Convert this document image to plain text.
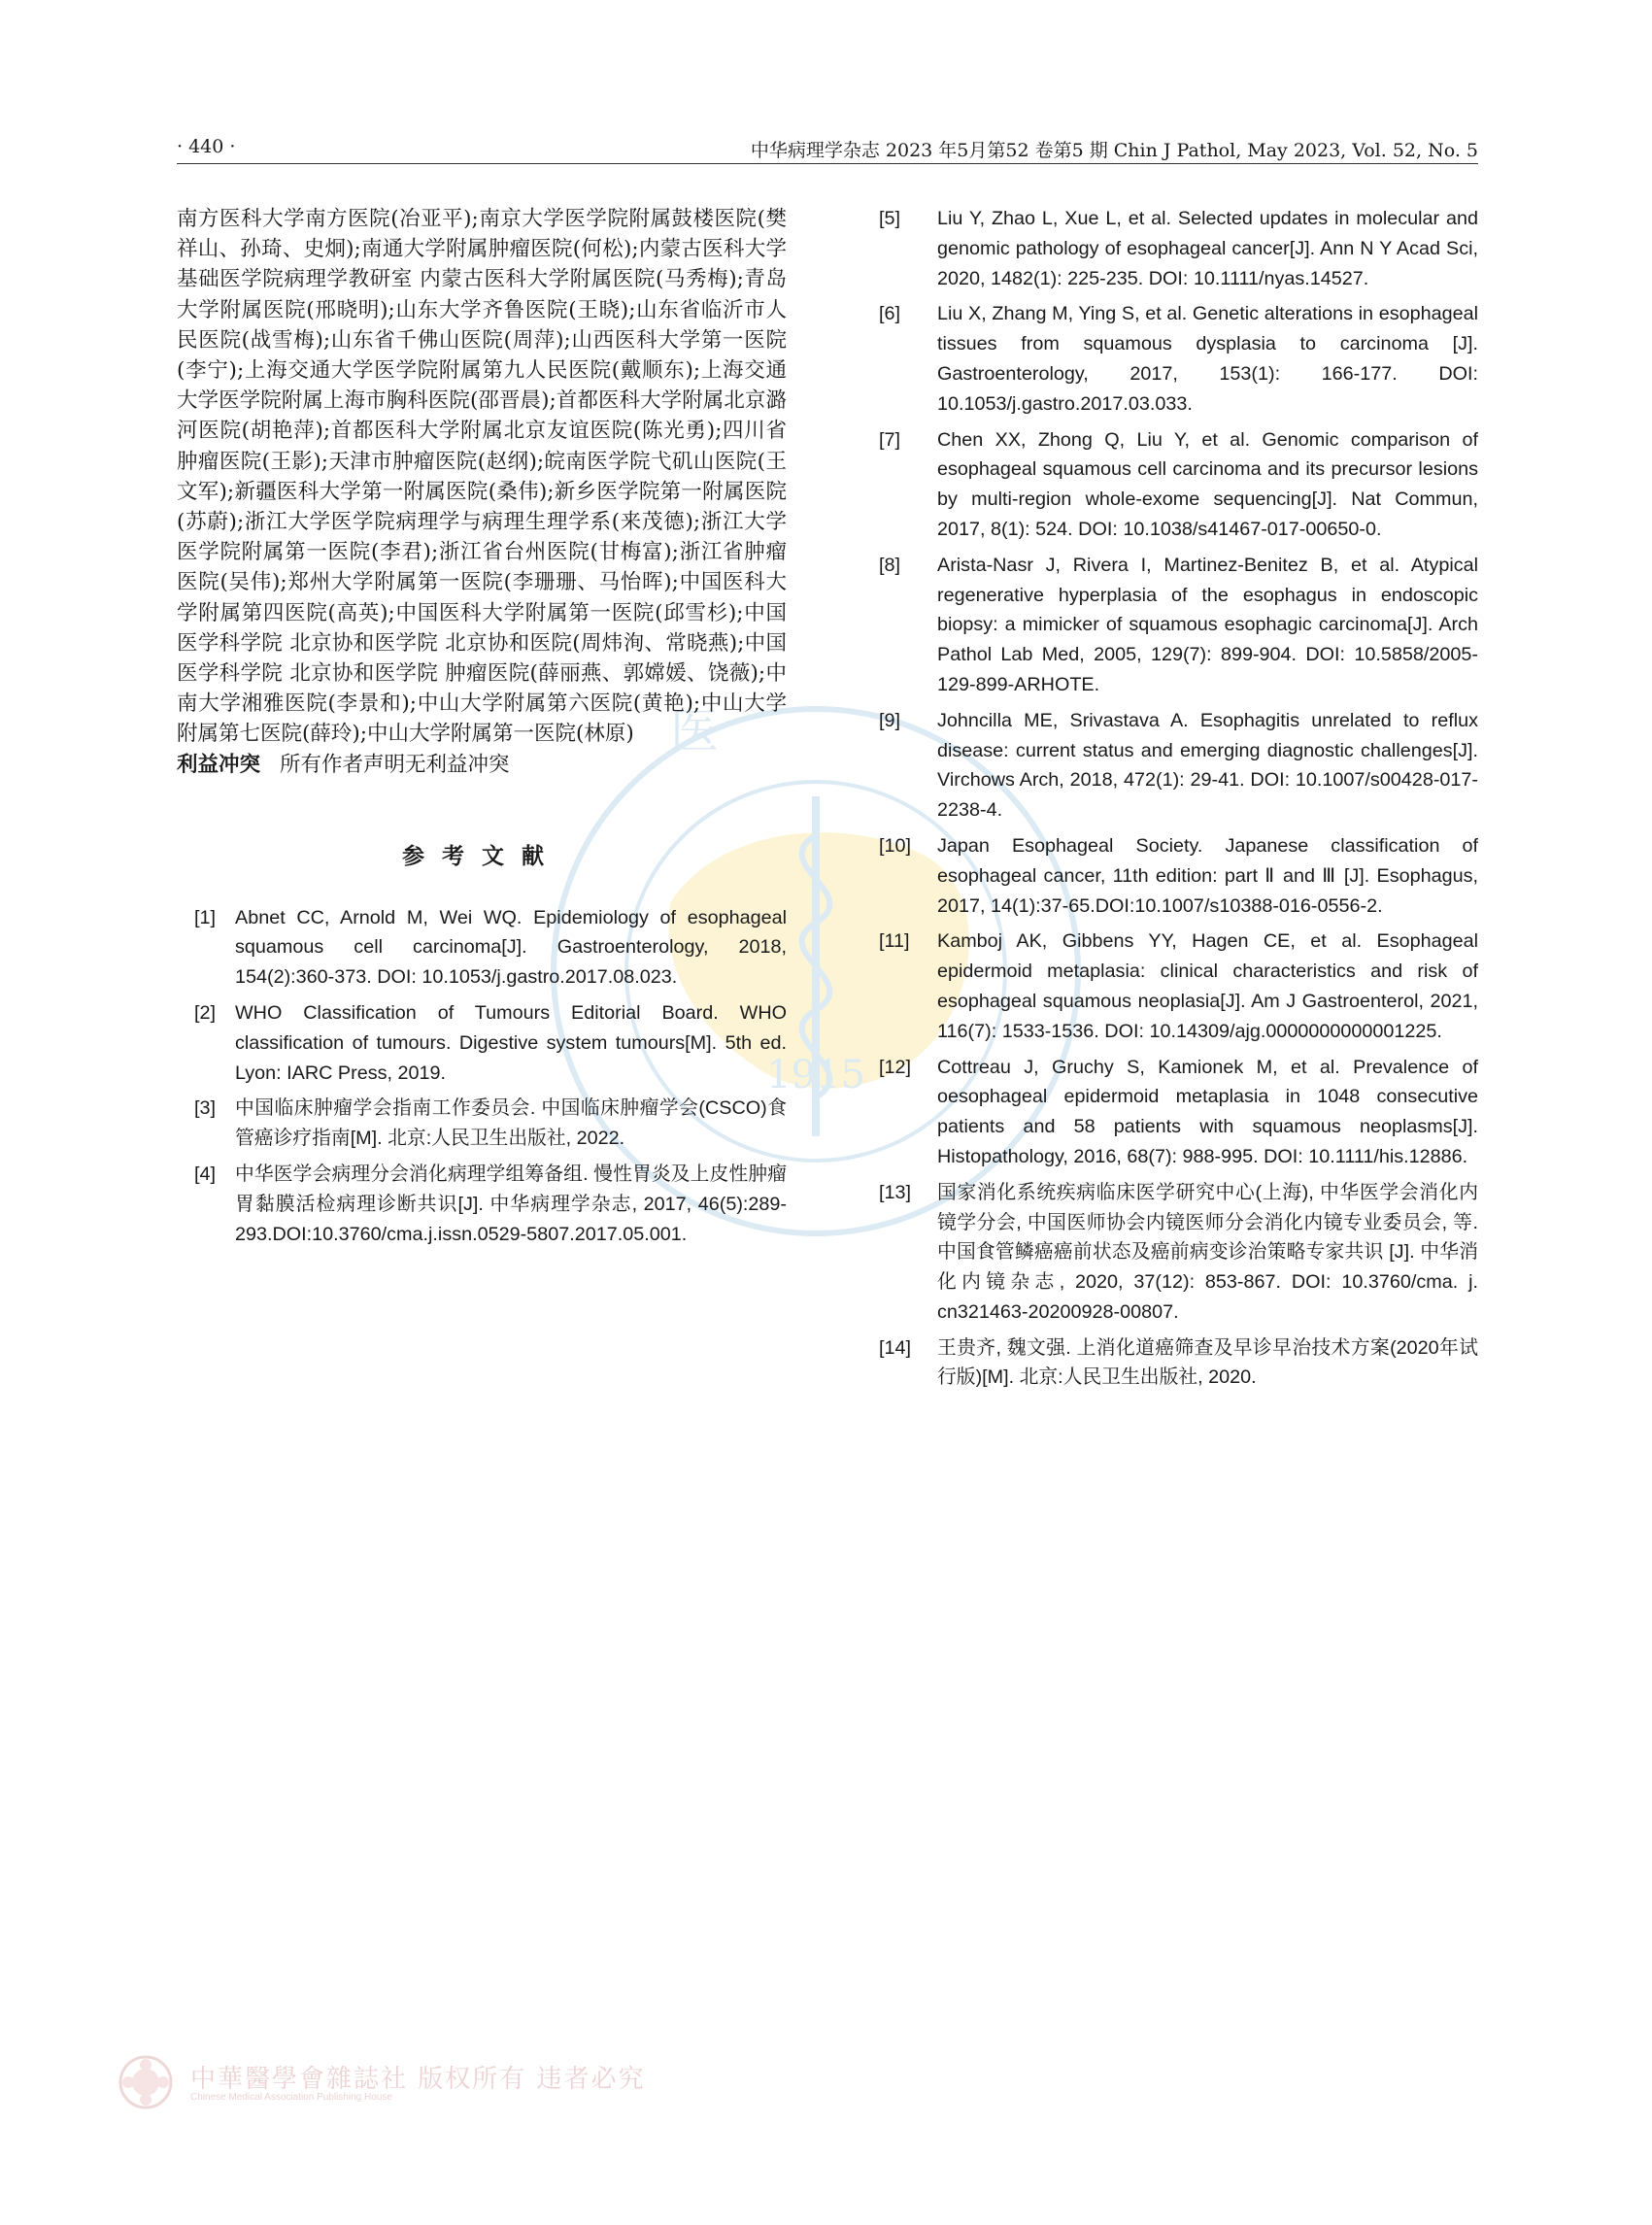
· 440 ·	中华病理学杂志 2023 年5月第52 卷第5 期 Chin J Pathol, May 2023, Vol. 52, No. 5
1915
医

南方医科大学南方医院(冶亚平);南京大学医学院附属鼓楼医院(樊祥山、孙琦、史炯);南通大学附属肿瘤医院(何松);内蒙古医科大学基础医学院病理学教研室 内蒙古医科大学附属医院(马秀梅);青岛大学附属医院(邢晓明);山东大学齐鲁医院(王晓);山东省临沂市人民医院(战雪梅);山东省千佛山医院(周萍);山西医科大学第一医院(李宁);上海交通大学医学院附属第九人民医院(戴顺东);上海交通大学医学院附属上海市胸科医院(邵晋晨);首都医科大学附属北京潞河医院(胡艳萍);首都医科大学附属北京友谊医院(陈光勇);四川省肿瘤医院(王影);天津市肿瘤医院(赵纲);皖南医学院弋矶山医院(王文军);新疆医科大学第一附属医院(桑伟);新乡医学院第一附属医院(苏蔚);浙江大学医学院病理学与病理生理学系(来茂德);浙江大学医学院附属第一医院(李君);浙江省台州医院(甘梅富);浙江省肿瘤医院(吴伟);郑州大学附属第一医院(李珊珊、马怡晖);中国医科大学附属第四医院(高英);中国医科大学附属第一医院(邱雪杉);中国医学科学院 北京协和医学院 北京协和医院(周炜洵、常晓燕);中国医学科学院 北京协和医学院 肿瘤医院(薛丽燕、郭嫦媛、饶薇);中南大学湘雅医院(李景和);中山大学附属第六医院(黄艳);中山大学附属第七医院(薛玲);中山大学附属第一医院(林原)

利益冲突 所有作者声明无利益冲突
参考文献
[1]	Abnet CC, Arnold M, Wei WQ. Epidemiology of esophageal squamous cell carcinoma[J]. Gastroenterology, 2018, 154(2):360-373. DOI: 10.1053/j.gastro.2017.08.023.
[2]	WHO Classification of Tumours Editorial Board. WHO classification of tumours. Digestive system tumours[M]. 5th ed. Lyon: IARC Press, 2019.
[3]	中国临床肿瘤学会指南工作委员会. 中国临床肿瘤学会(CSCO)食管癌诊疗指南[M]. 北京:人民卫生出版社, 2022.
[4]	中华医学会病理分会消化病理学组筹备组. 慢性胃炎及上皮性肿瘤胃黏膜活检病理诊断共识[J]. 中华病理学杂志, 2017, 46(5):289-293.DOI:10.3760/cma.j.issn.0529-5807.2017.05.001.
[5]	Liu Y, Zhao L, Xue L, et al. Selected updates in molecular and genomic pathology of esophageal cancer[J]. Ann N Y Acad Sci, 2020, 1482(1): 225-235. DOI: 10.1111/nyas.14527.
[6]	Liu X, Zhang M, Ying S, et al. Genetic alterations in esophageal tissues from squamous dysplasia to carcinoma [J]. Gastroenterology, 2017, 153(1): 166-177. DOI: 10.1053/j.gastro.2017.03.033.
[7]	Chen XX, Zhong Q, Liu Y, et al. Genomic comparison of esophageal squamous cell carcinoma and its precursor lesions by multi-region whole-exome sequencing[J]. Nat Commun, 2017, 8(1): 524. DOI: 10.1038/s41467-017-00650-0.
[8]	Arista-Nasr J, Rivera I, Martinez-Benitez B, et al. Atypical regenerative hyperplasia of the esophagus in endoscopic biopsy: a mimicker of squamous esophagic carcinoma[J]. Arch Pathol Lab Med, 2005, 129(7): 899-904. DOI: 10.5858/2005-129-899-ARHOTE.
[9]	Johncilla ME, Srivastava A. Esophagitis unrelated to reflux disease: current status and emerging diagnostic challenges[J]. Virchows Arch, 2018, 472(1): 29-41. DOI: 10.1007/s00428-017-2238-4.
[10]	Japan Esophageal Society. Japanese classification of esophageal cancer, 11th edition: part Ⅱ and Ⅲ [J]. Esophagus, 2017, 14(1):37-65.DOI:10.1007/s10388-016-0556-2.
[11]	Kamboj AK, Gibbens YY, Hagen CE, et al. Esophageal epidermoid metaplasia: clinical characteristics and risk of esophageal squamous neoplasia[J]. Am J Gastroenterol, 2021, 116(7): 1533-1536. DOI: 10.14309/ajg.0000000000001225.
[12]	Cottreau J, Gruchy S, Kamionek M, et al. Prevalence of oesophageal epidermoid metaplasia in 1048 consecutive patients and 58 patients with squamous neoplasms[J]. Histopathology, 2016, 68(7): 988-995. DOI: 10.1111/his.12886.
[13]	国家消化系统疾病临床医学研究中心(上海), 中华医学会消化内镜学分会, 中国医师协会内镜医师分会消化内镜专业委员会, 等. 中国食管鳞癌癌前状态及癌前病变诊治策略专家共识 [J]. 中华消化内镜杂志, 2020, 37(12): 853-867. DOI: 10.3760/cma. j. cn321463-20200928-00807.
[14]	王贵齐, 魏文强. 上消化道癌筛查及早诊早治技术方案(2020年试行版)[M]. 北京:人民卫生出版社, 2020.
中華醫學會雜誌社 版权所有 违者必究
Chinese Medical Association Publishing House
